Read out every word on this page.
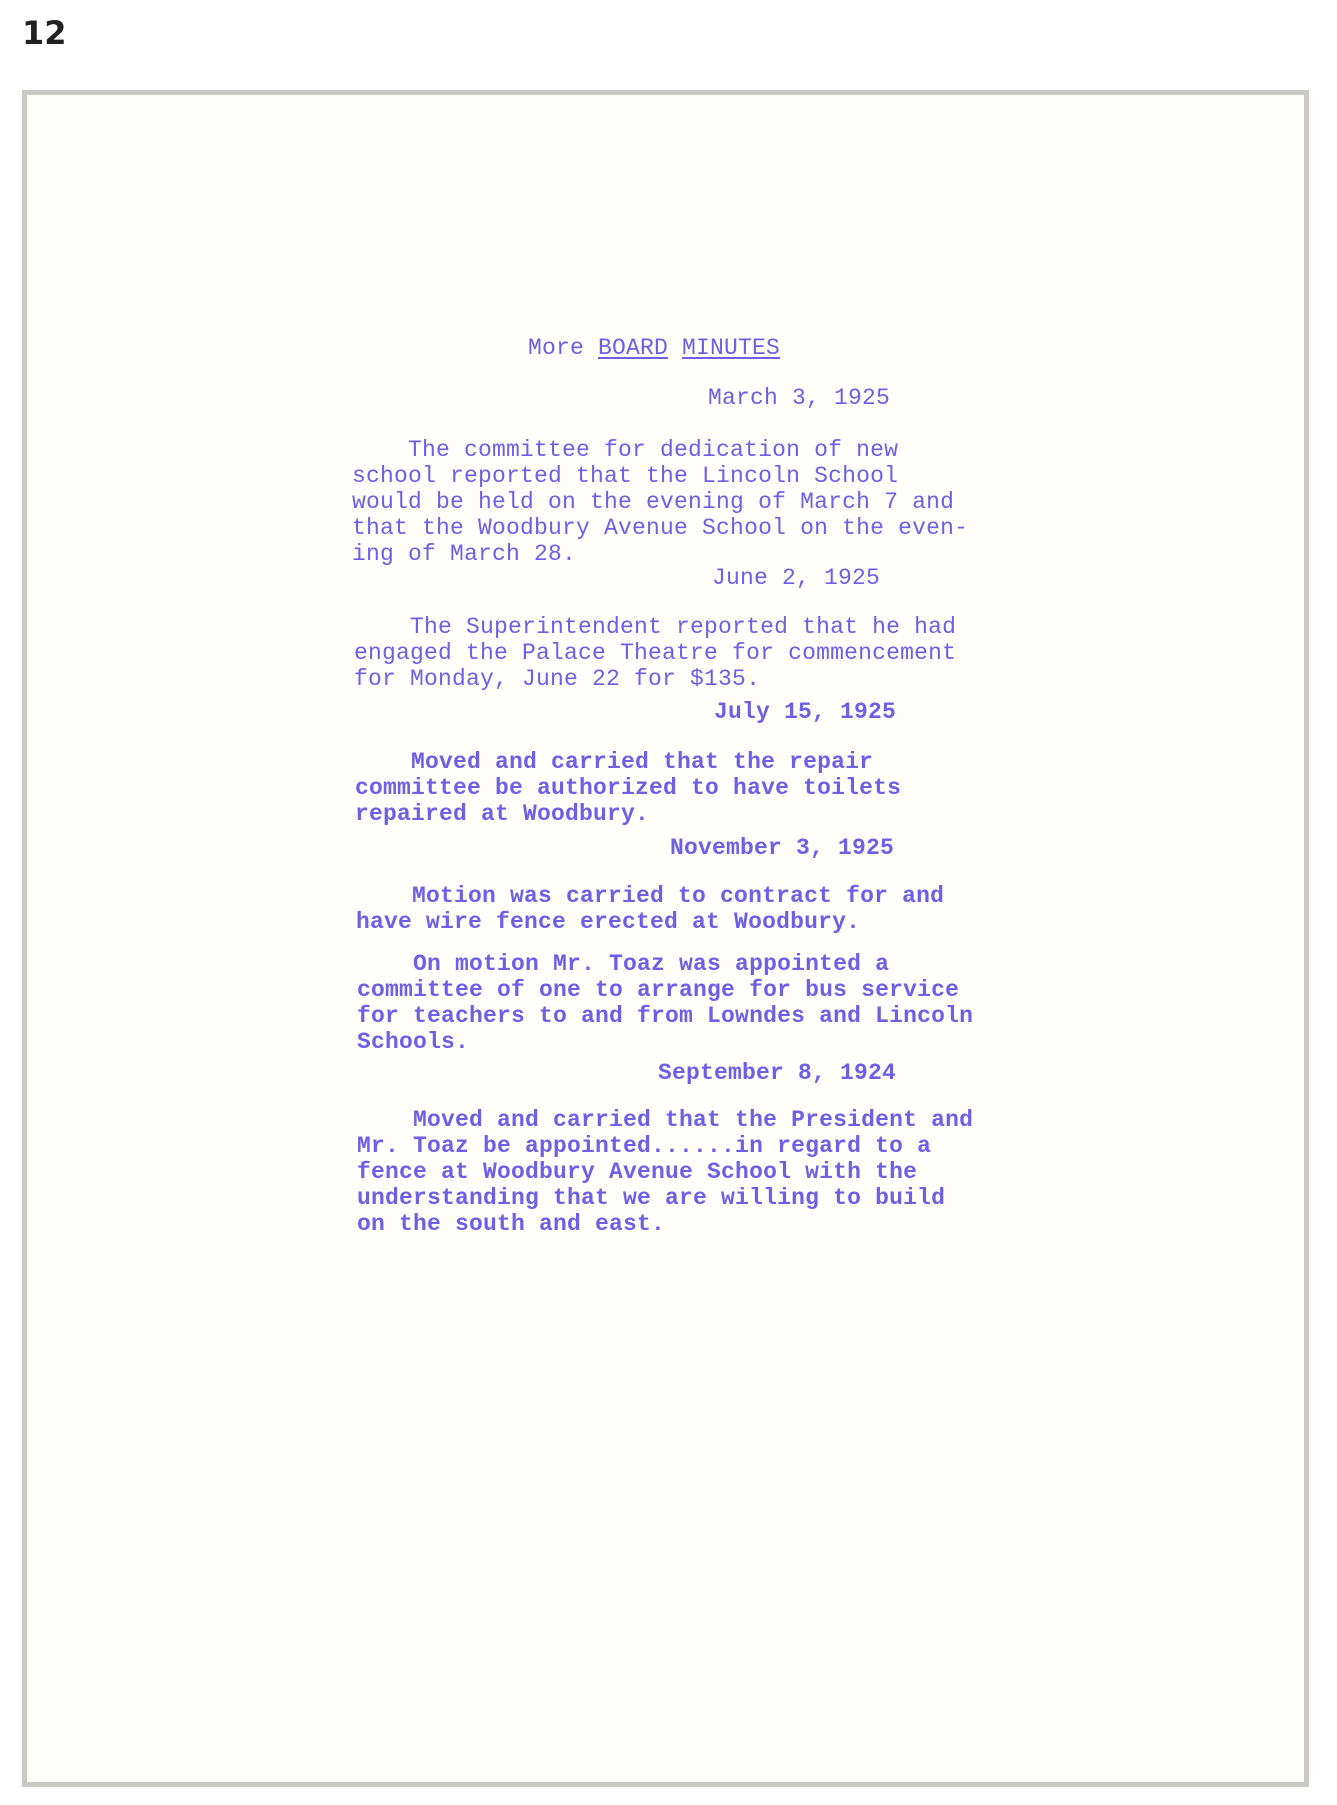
12
More BOARD MINUTES
March 3, 1925
The committee for dedication of new
school reported that the Lincoln School
would be held on the evening of March 7 and
that the Woodbury Avenue School on the even-
ing of March 28.
June 2, 1925
The Superintendent reported that he had
engaged the Palace Theatre for commencement
for Monday, June 22 for $135.
July 15, 1925
Moved and carried that the repair
committee be authorized to have toilets
repaired at Woodbury.
November 3, 1925
Motion was carried to contract for and
have wire fence erected at Woodbury.
On motion Mr. Toaz was appointed a
committee of one to arrange for bus service
for teachers to and from Lowndes and Lincoln
Schools.
September 8, 1924
Moved and carried that the President and
Mr. Toaz be appointed......in regard to a
fence at Woodbury Avenue School with the
understanding that we are willing to build
on the south and east.
